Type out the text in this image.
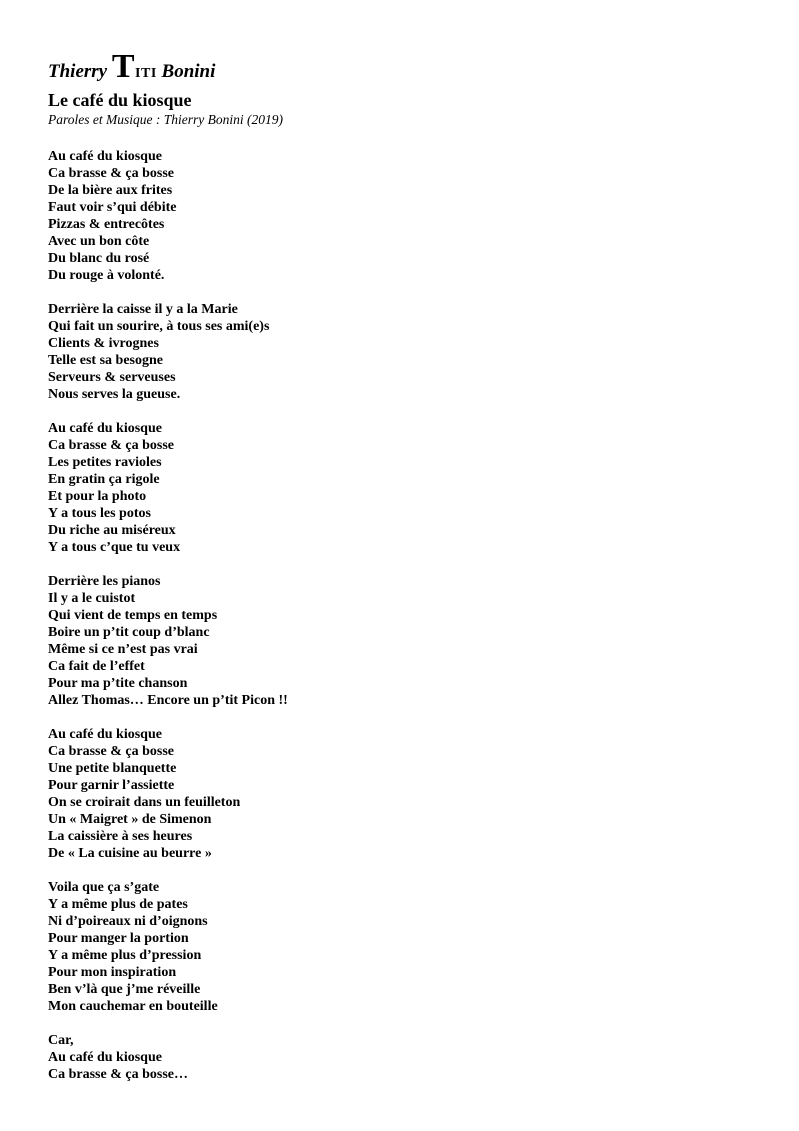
Thierry Titi Bonini
Le café du kiosque
Paroles et Musique : Thierry Bonini (2019)
Au café du kiosque
Ca brasse & ça bosse
De la bière aux frites
Faut voir s’qui débite
Pizzas & entrecôtes
Avec un bon côte
Du blanc du rosé
Du rouge à volonté.
Derrière la caisse il y a la Marie
Qui fait un sourire, à tous ses ami(e)s
Clients & ivrognes
Telle est sa besogne
Serveurs & serveuses
Nous serves la gueuse.
Au café du kiosque
Ca brasse & ça bosse
Les petites ravioles
En gratin ça rigole
Et pour la photo
Y a tous les potos
Du riche au miséreux
Y a tous c’que tu veux
Derrière les pianos
Il y a le cuistot
Qui vient de temps en temps
Boire un p’tit coup d’blanc
Même si ce n’est pas vrai
Ca fait de l’effet
Pour ma p’tite chanson
Allez Thomas… Encore un p’tit Picon !!
Au café du kiosque
Ca brasse & ça bosse
Une petite blanquette
Pour garnir l’assiette
On se croirait dans un feuilleton
Un « Maigret » de Simenon
La caissière à ses heures
De « La cuisine au beurre »
Voila que ça s’gate
Y a même plus de pates
Ni d’poireaux ni d’oignons
Pour manger la portion
Y a même plus d’pression
Pour mon inspiration
Ben v’là que j’me réveille
Mon cauchemar en bouteille
Car,
Au café du kiosque
Ca brasse & ça bosse…
